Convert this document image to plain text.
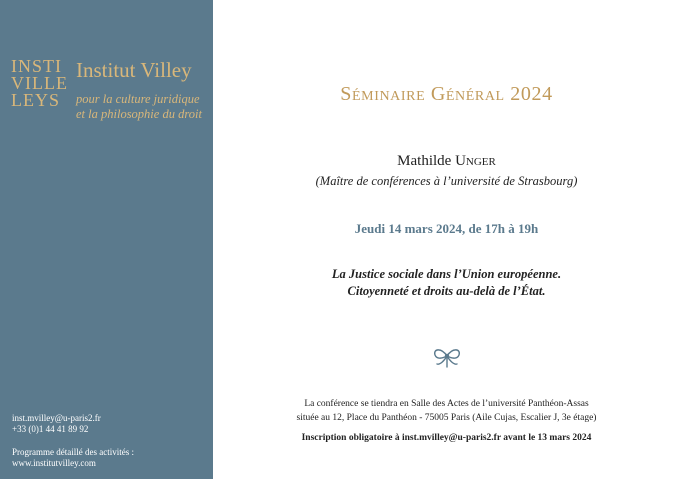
INSTI
VILLE
LEYS
Institut Villey
pour la culture juridique
et la philosophie du droit
inst.mvilley@u-paris2.fr
+33 (0)1 44 41 89 92
Programme détaillé des activités :
www.institutvilley.com
Séminaire Général 2024
Mathilde Unger
(Maître de conférences à l’université de Strasbourg)
Jeudi 14 mars 2024, de 17h à 19h
La Justice sociale dans l’Union européenne.
Citoyenneté et droits au-delà de l’État.
La conférence se tiendra en Salle des Actes de l’université Panthéon-Assas
située au 12, Place du Panthéon - 75005 Paris (Aile Cujas, Escalier J, 3e étage)
Inscription obligatoire à inst.mvilley@u-paris2.fr avant le 13 mars 2024
